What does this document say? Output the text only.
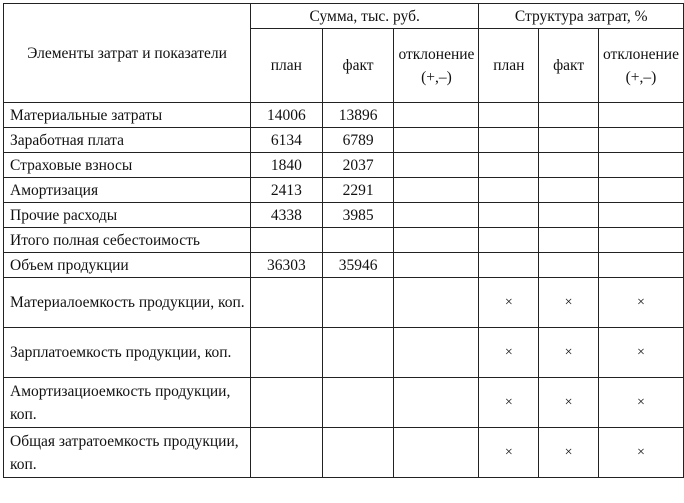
Элементы затрат и показатели	Сумма, тыс. руб.			Структура затрат, %		
	план	факт	отклонение (+,–)	план	факт	отклонение (+,–)
Материальные затраты	14006	13896				
Заработная плата	6134	6789				
Страховые взносы	1840	2037				
Амортизация	2413	2291				
Прочие расходы	4338	3985				
Итого полная себестоимость						
Объем продукции	36303	35946				
Материалоемкость продукции, коп.				×	×	×
Зарплатоемкость продукции, коп.				×	×	×
Амортизациоемкость продукции, коп.				×	×	×
Общая затратоемкость продукции, коп.				×	×	×
